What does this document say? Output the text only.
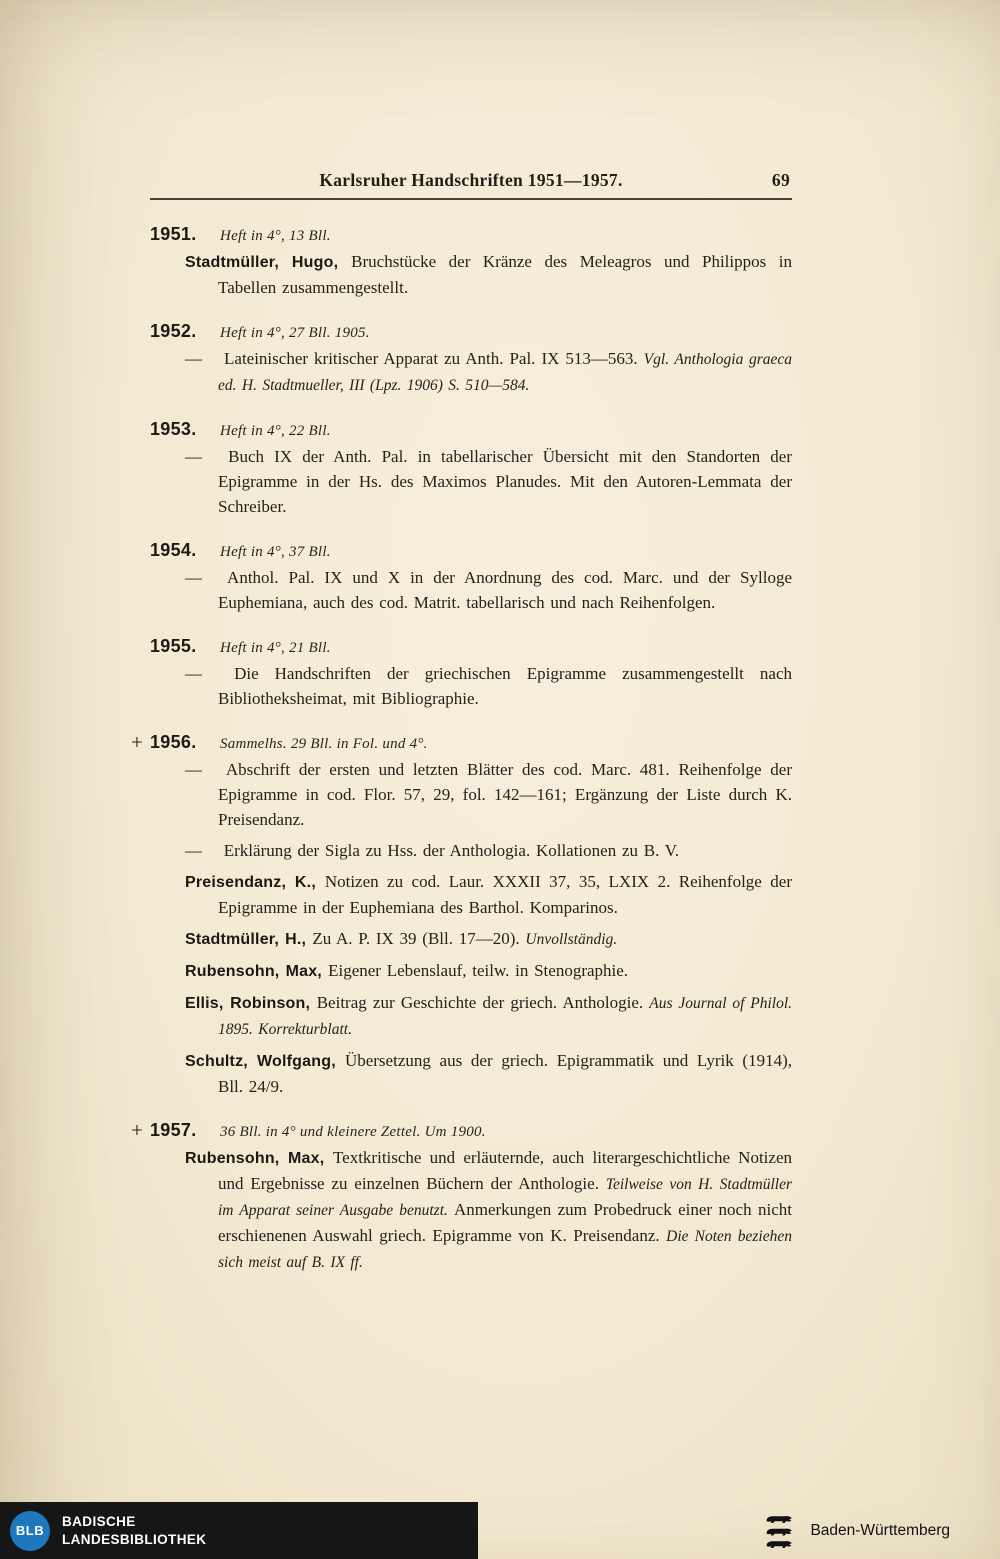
Karlsruher Handschriften 1951—1957.	69
1951.	Heft in 4°, 13 Bll.

Stadtmüller, Hugo, Bruchstücke der Kränze des Meleagros und Philippos in Tabellen zusammengestellt.

1952.	Heft in 4°, 27 Bll. 1905.

— Lateinischer kritischer Apparat zu Anth. Pal. IX 513—563. Vgl. Anthologia graeca ed. H. Stadtmueller, III (Lpz. 1906) S. 510—584.

1953.	Heft in 4°, 22 Bll.

— Buch IX der Anth. Pal. in tabellarischer Übersicht mit den Standorten der Epigramme in der Hs. des Maximos Planudes. Mit den Autoren-Lemmata der Schreiber.

1954.	Heft in 4°, 37 Bll.

— Anthol. Pal. IX und X in der Anordnung des cod. Marc. und der Sylloge Euphemiana, auch des cod. Matrit. tabellarisch und nach Reihenfolgen.

1955.	Heft in 4°, 21 Bll.

— Die Handschriften der griechischen Epigramme zusammengestellt nach Bibliotheksheimat, mit Bibliographie.

+ 1956.	Sammelhs. 29 Bll. in Fol. und 4°.

— Abschrift der ersten und letzten Blätter des cod. Marc. 481. Reihenfolge der Epigramme in cod. Flor. 57, 29, fol. 142—161; Ergänzung der Liste durch K. Preisendanz.

— Erklärung der Sigla zu Hss. der Anthologia. Kollationen zu B. V.

Preisendanz, K., Notizen zu cod. Laur. XXXII 37, 35, LXIX 2. Reihenfolge der Epigramme in der Euphemiana des Barthol. Komparinos.

Stadtmüller, H., Zu A. P. IX 39 (Bll. 17—20). Unvollständig.

Rubensohn, Max, Eigener Lebenslauf, teilw. in Stenographie.

Ellis, Robinson, Beitrag zur Geschichte der griech. Anthologie. Aus Journal of Philol. 1895. Korrekturblatt.

Schultz, Wolfgang, Übersetzung aus der griech. Epigrammatik und Lyrik (1914), Bll. 24/9.

+ 1957.	36 Bll. in 4° und kleinere Zettel. Um 1900.

Rubensohn, Max, Textkritische und erläuternde, auch literargeschichtliche Notizen und Ergebnisse zu einzelnen Büchern der Anthologie. Teilweise von H. Stadtmüller im Apparat seiner Ausgabe benutzt. Anmerkungen zum Probedruck einer noch nicht erschienenen Auswahl griech. Epigramme von K. Preisendanz. Die Noten beziehen sich meist auf B. IX ff.

BLB
BADISCHE
LANDESBIBLIOTHEK
Baden-Württemberg
